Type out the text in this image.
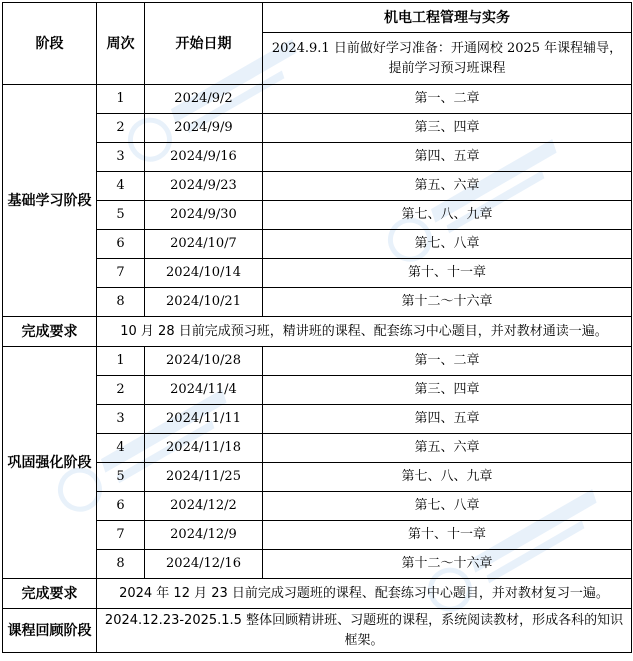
阶段	周次	开始日期	机电工程管理与实务
			2024.9.1 日前做好学习准备：开通网校 2025 年课程辅导，提前学习预习班课程
基础学习阶段	1	2024/9/2	第一、二章
	2	2024/9/9	第三、四章
	3	2024/9/16	第四、五章
	4	2024/9/23	第五、六章
	5	2024/9/30	第七、八、九章
	6	2024/10/7	第七、八章
	7	2024/10/14	第十、十一章
	8	2024/10/21	第十二～十六章
完成要求	10 月 28 日前完成预习班，精讲班的课程、配套练习中心题目，并对教材通读一遍。		
巩固强化阶段	1	2024/10/28	第一、二章
	2	2024/11/4	第三、四章
	3	2024/11/11	第四、五章
	4	2024/11/18	第五、六章
	5	2024/11/25	第七、八、九章
	6	2024/12/2	第七、八章
	7	2024/12/9	第十、十一章
	8	2024/12/16	第十二～十六章
完成要求	2024 年 12 月 23 日前完成习题班的课程、配套练习中心题目，并对教材复习一遍。		
课程回顾阶段	2024.12.23-2025.1.5 整体回顾精讲班、习题班的课程，系统阅读教材，形成各科的知识框架。		
